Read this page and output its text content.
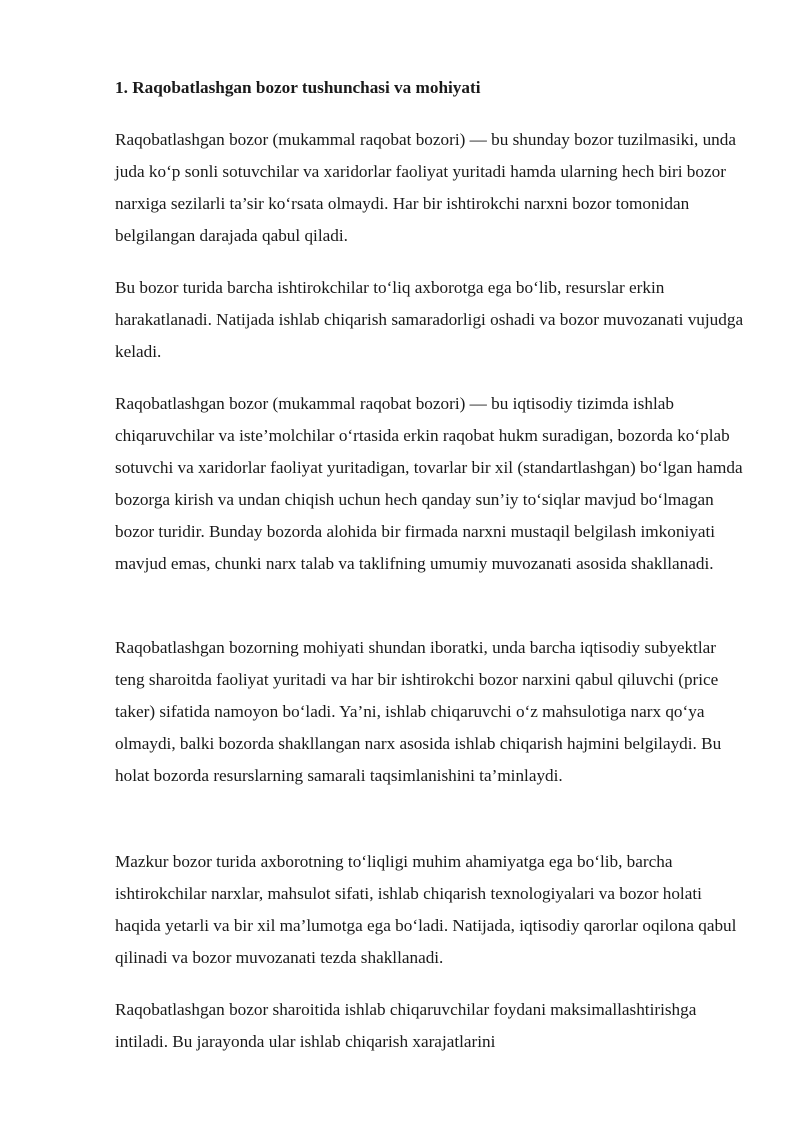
1. Raqobatlashgan bozor tushunchasi va mohiyati

Raqobatlashgan bozor (mukammal raqobat bozori) — bu shunday bozor tuzilmasiki, unda juda ko‘p sonli sotuvchilar va xaridorlar faoliyat yuritadi hamda ularning hech biri bozor narxiga sezilarli ta’sir ko‘rsata olmaydi. Har bir ishtirokchi narxni bozor tomonidan belgilangan darajada qabul qiladi.

Bu bozor turida barcha ishtirokchilar to‘liq axborotga ega bo‘lib, resurslar erkin harakatlanadi. Natijada ishlab chiqarish samaradorligi oshadi va bozor muvozanati vujudga keladi.

Raqobatlashgan bozor (mukammal raqobat bozori) — bu iqtisodiy tizimda ishlab chiqaruvchilar va iste’molchilar o‘rtasida erkin raqobat hukm suradigan, bozorda ko‘plab sotuvchi va xaridorlar faoliyat yuritadigan, tovarlar bir xil (standartlashgan) bo‘lgan hamda bozorga kirish va undan chiqish uchun hech qanday sun’iy to‘siqlar mavjud bo‘lmagan bozor turidir. Bunday bozorda alohida bir firmada narxni mustaqil belgilash imkoniyati mavjud emas, chunki narx talab va taklifning umumiy muvozanati asosida shakllanadi.

Raqobatlashgan bozorning mohiyati shundan iboratki, unda barcha iqtisodiy subyektlar teng sharoitda faoliyat yuritadi va har bir ishtirokchi bozor narxini qabul qiluvchi (price taker) sifatida namoyon bo‘ladi. Ya’ni, ishlab chiqaruvchi o‘z mahsulotiga narx qo‘ya olmaydi, balki bozorda shakllangan narx asosida ishlab chiqarish hajmini belgilaydi. Bu holat bozorda resurslarning samarali taqsimlanishini ta’minlaydi.

Mazkur bozor turida axborotning to‘liqligi muhim ahamiyatga ega bo‘lib, barcha ishtirokchilar narxlar, mahsulot sifati, ishlab chiqarish texnologiyalari va bozor holati haqida yetarli va bir xil ma’lumotga ega bo‘ladi. Natijada, iqtisodiy qarorlar oqilona qabul qilinadi va bozor muvozanati tezda shakllanadi.

Raqobatlashgan bozor sharoitida ishlab chiqaruvchilar foydani maksimallashtirishga intiladi. Bu jarayonda ular ishlab chiqarish xarajatlarini
